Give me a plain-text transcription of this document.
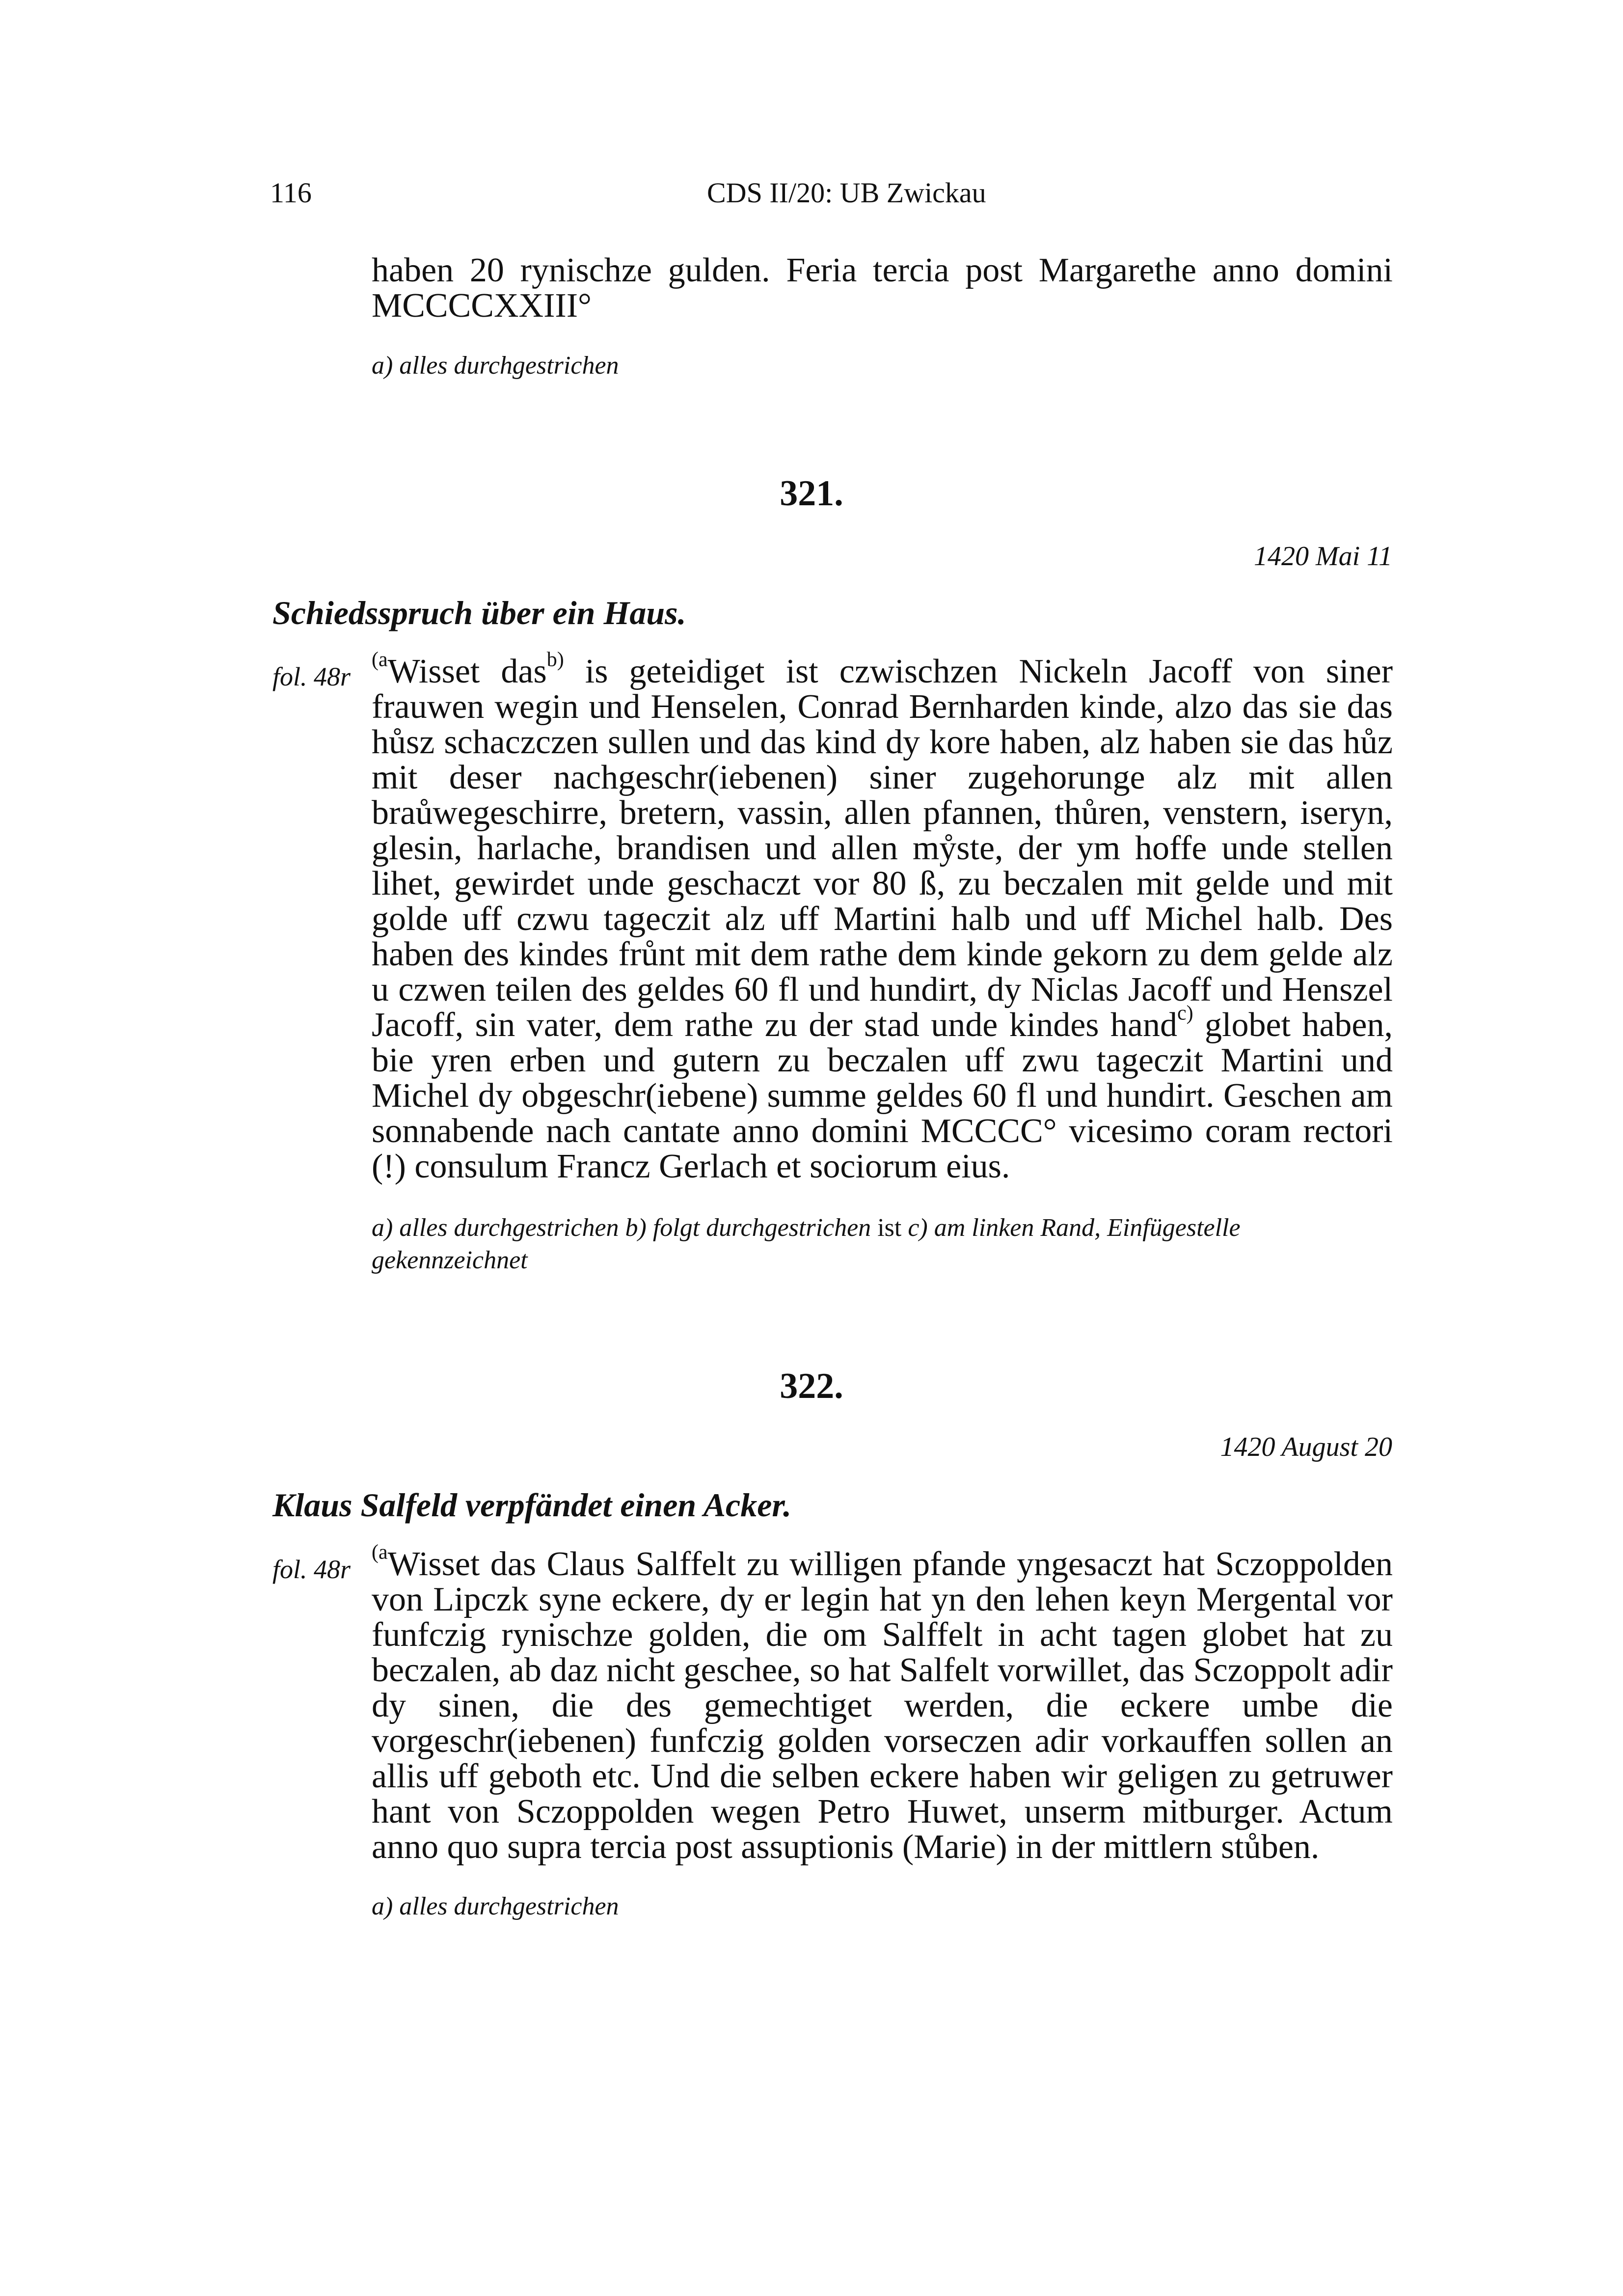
116	CDS II/20: UB Zwickau
haben 20 rynischze gulden. Feria tercia post Margarethe anno domini MCCCCXXIII°
a) alles durchgestrichen
321.
1420 Mai 11
Schiedsspruch über ein Haus.
fol. 48r
$^{(a}$Wisset das$^{b)}$ is geteidiget ist czwischzen Nickeln Jacoff von siner frauwen wegin und Henselen, Conrad Bernharden kinde, alzo das sie das hůsz schaczczen sullen und das kind dy kore haben, alz haben sie das hůz mit deser nachgeschr(iebenen) siner zugehorunge alz mit allen braůwegeschirre, bretern, vassin, allen pfannen, thůren, venstern, iseryn, glesin, harlache, brandisen und allen mẙste, der ym hoffe unde stellen lihet, gewirdet unde geschaczt vor 80 ß, zu beczalen mit gelde und mit golde uff czwu tageczit alz uff Martini halb und uff Michel halb. Des haben des kindes frůnt mit dem rathe dem kinde gekorn zu dem gelde alz u czwen teilen des geldes 60 fl und hundirt, dy Niclas Jacoff und Henszel Jacoff, sin vater, dem rathe zu der stad unde kindes hand$^{c)}$ globet haben, bie yren erben und gutern zu beczalen uff zwu tageczit Martini und Michel dy obgeschr(iebene) summe geldes 60 fl und hundirt. Geschen am sonnabende nach cantate anno domini MCCCC° vicesimo coram rectori (!) consulum Francz Gerlach et sociorum eius.
a) alles durchgestrichen b) folgt durchgestrichen ist c) am linken Rand, Einfügestelle gekennzeichnet
322.
1420 August 20
Klaus Salfeld verpfändet einen Acker.
fol. 48r
$^{(a}$Wisset das Claus Salffelt zu willigen pfande yngesaczt hat Sczoppolden von Lipczk syne eckere, dy er legin hat yn den lehen keyn Mergental vor funfczig rynischze golden, die om Salffelt in acht tagen globet hat zu beczalen, ab daz nicht geschee, so hat Salfelt vorwillet, das Sczoppolt adir dy sinen, die des gemechtiget werden, die eckere umbe die vorgeschr(iebenen) funfczig golden vorseczen adir vorkauffen sollen an allis uff geboth etc. Und die selben eckere haben wir geligen zu getruwer hant von Sczoppolden wegen Petro Huwet, unserm mitburger. Actum anno quo supra tercia post assuptionis (Marie) in der mittlern stůben.
a) alles durchgestrichen
